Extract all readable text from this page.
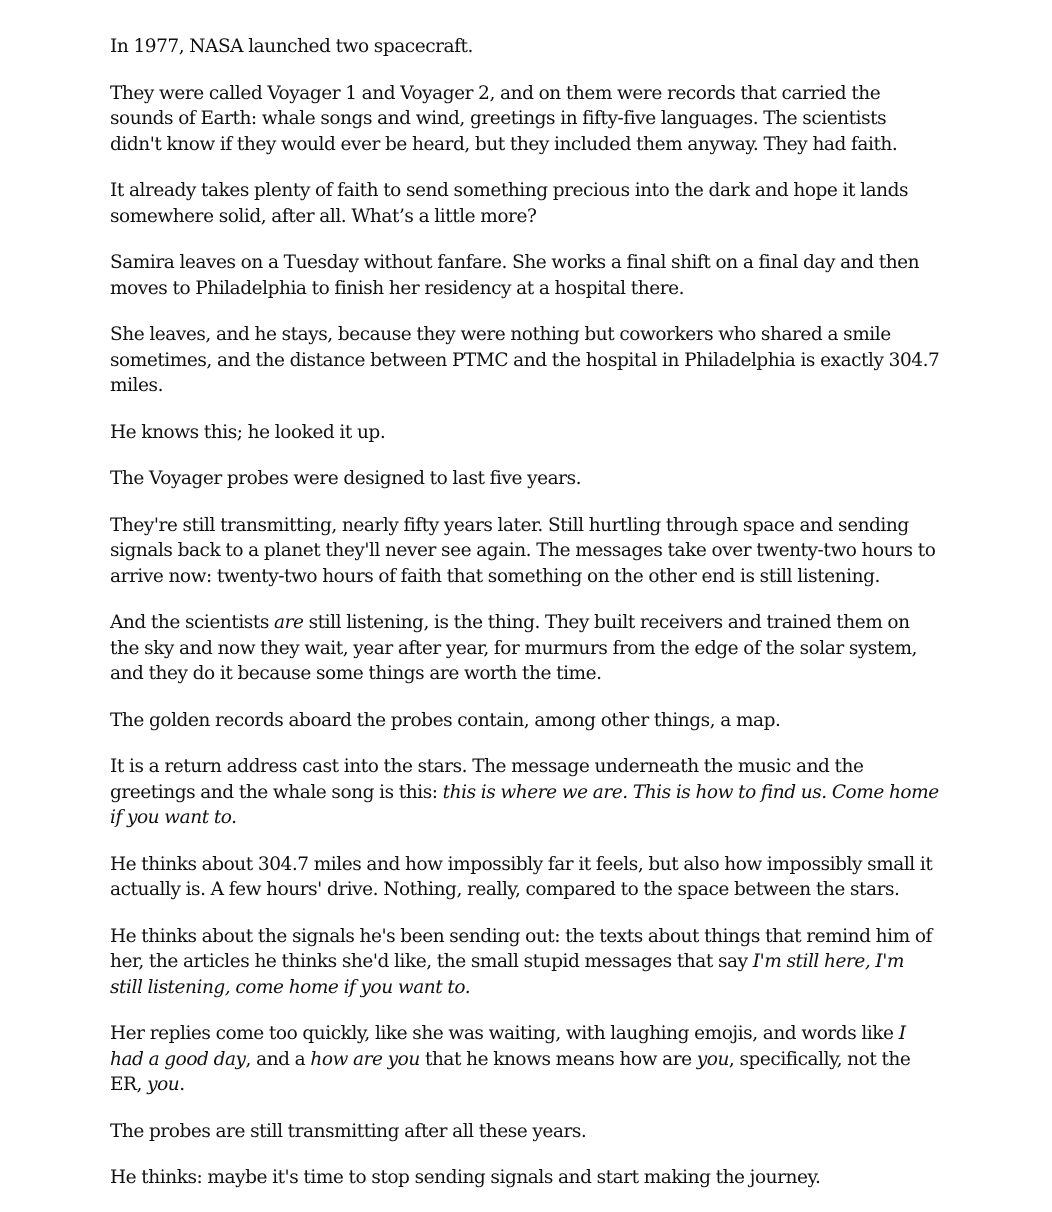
In 1977, NASA launched two spacecraft.

They were called Voyager 1 and Voyager 2, and on them were records that carried the sounds of Earth: whale songs and wind, greetings in fifty-five languages. The scientists didn't know if they would ever be heard, but they included them anyway. They had faith.

It already takes plenty of faith to send something precious into the dark and hope it lands somewhere solid, after all. What’s a little more?

Samira leaves on a Tuesday without fanfare. She works a final shift on a final day and then moves to Philadelphia to finish her residency at a hospital there.

She leaves, and he stays, because they were nothing but coworkers who shared a smile sometimes, and the distance between PTMC and the hospital in Philadelphia is exactly 304.7 miles.

He knows this; he looked it up.

The Voyager probes were designed to last five years.

They're still transmitting, nearly fifty years later. Still hurtling through space and sending signals back to a planet they'll never see again. The messages take over twenty-two hours to arrive now: twenty-two hours of faith that something on the other end is still listening.

And the scientists are still listening, is the thing. They built receivers and trained them on the sky and now they wait, year after year, for murmurs from the edge of the solar system, and they do it because some things are worth the time.

The golden records aboard the probes contain, among other things, a map.

It is a return address cast into the stars. The message underneath the music and the greetings and the whale song is this: this is where we are. This is how to find us. Come home if you want to.

He thinks about 304.7 miles and how impossibly far it feels, but also how impossibly small it actually is. A few hours' drive. Nothing, really, compared to the space between the stars.

He thinks about the signals he's been sending out: the texts about things that remind him of her, the articles he thinks she'd like, the small stupid messages that say I'm still here, I'm still listening, come home if you want to.

Her replies come too quickly, like she was waiting, with laughing emojis, and words like I had a good day, and a how are you that he knows means how are you, specifically, not the ER, you.

The probes are still transmitting after all these years.

He thinks: maybe it's time to stop sending signals and start making the journey.
